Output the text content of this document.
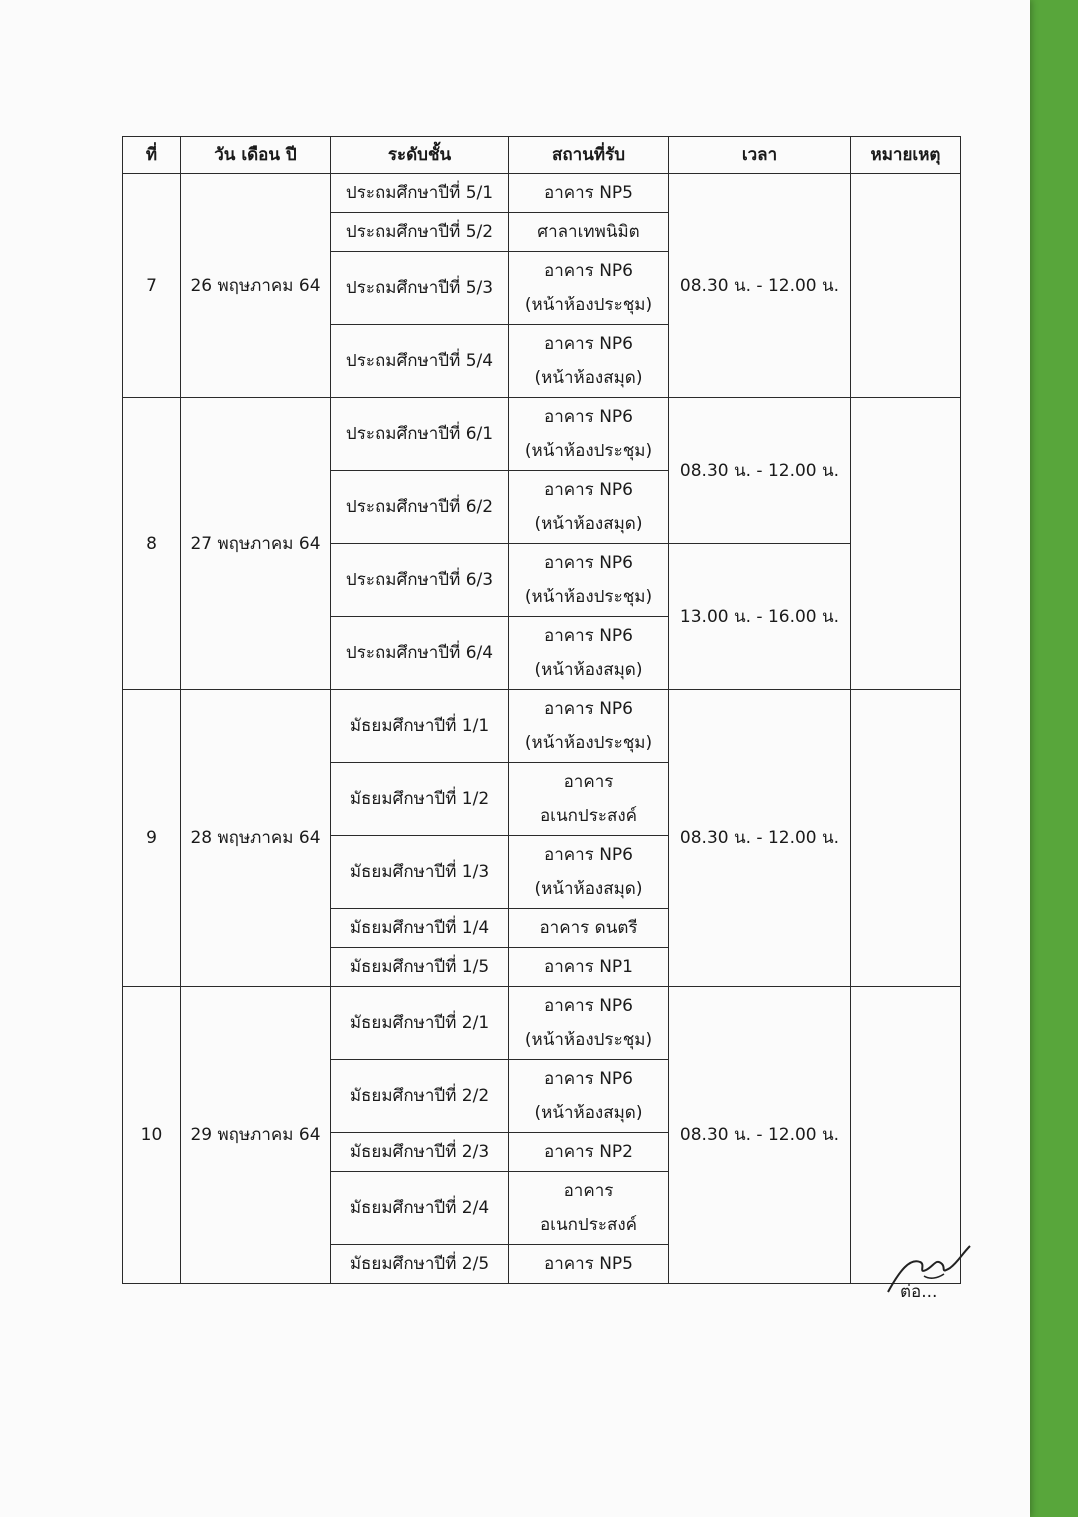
ที่	วัน เดือน ปี	ระดับชั้น	สถานที่รับ	เวลา	หมายเหตุ
7	26 พฤษภาคม 64	ประถมศึกษาปีที่ 5/1	อาคาร NP5	08.30 น. - 12.00 น.	
		ประถมศึกษาปีที่ 5/2	ศาลาเทพนิมิต		

		ประถมศึกษาปีที่ 5/3	อาคาร NP6
(หน้าห้องประชุม)		

		ประถมศึกษาปีที่ 5/4	อาคาร NP6
(หน้าห้องสมุด)		

8	27 พฤษภาคม 64	ประถมศึกษาปีที่ 6/1	อาคาร NP6
(หน้าห้องประชุม)	08.30 น. - 12.00 น.	
		ประถมศึกษาปีที่ 6/2	อาคาร NP6
(หน้าห้องสมุด)		

		ประถมศึกษาปีที่ 6/3	อาคาร NP6
(หน้าห้องประชุม)	13.00 น. - 16.00 น.	
		ประถมศึกษาปีที่ 6/4	อาคาร NP6
(หน้าห้องสมุด)		

9	28 พฤษภาคม 64	มัธยมศึกษาปีที่ 1/1	อาคาร NP6
(หน้าห้องประชุม)	08.30 น. - 12.00 น.	
		มัธยมศึกษาปีที่ 1/2	อาคาร
อเนกประสงค์		

		มัธยมศึกษาปีที่ 1/3	อาคาร NP6
(หน้าห้องสมุด)		

		มัธยมศึกษาปีที่ 1/4	อาคาร ดนตรี		

		มัธยมศึกษาปีที่ 1/5	อาคาร NP1		

10	29 พฤษภาคม 64	มัธยมศึกษาปีที่ 2/1	อาคาร NP6
(หน้าห้องประชุม)	08.30 น. - 12.00 น.	
		มัธยมศึกษาปีที่ 2/2	อาคาร NP6
(หน้าห้องสมุด)		

		มัธยมศึกษาปีที่ 2/3	อาคาร NP2		

		มัธยมศึกษาปีที่ 2/4	อาคาร
อเนกประสงค์		

		มัธยมศึกษาปีที่ 2/5	อาคาร NP5		
ต่อ...
